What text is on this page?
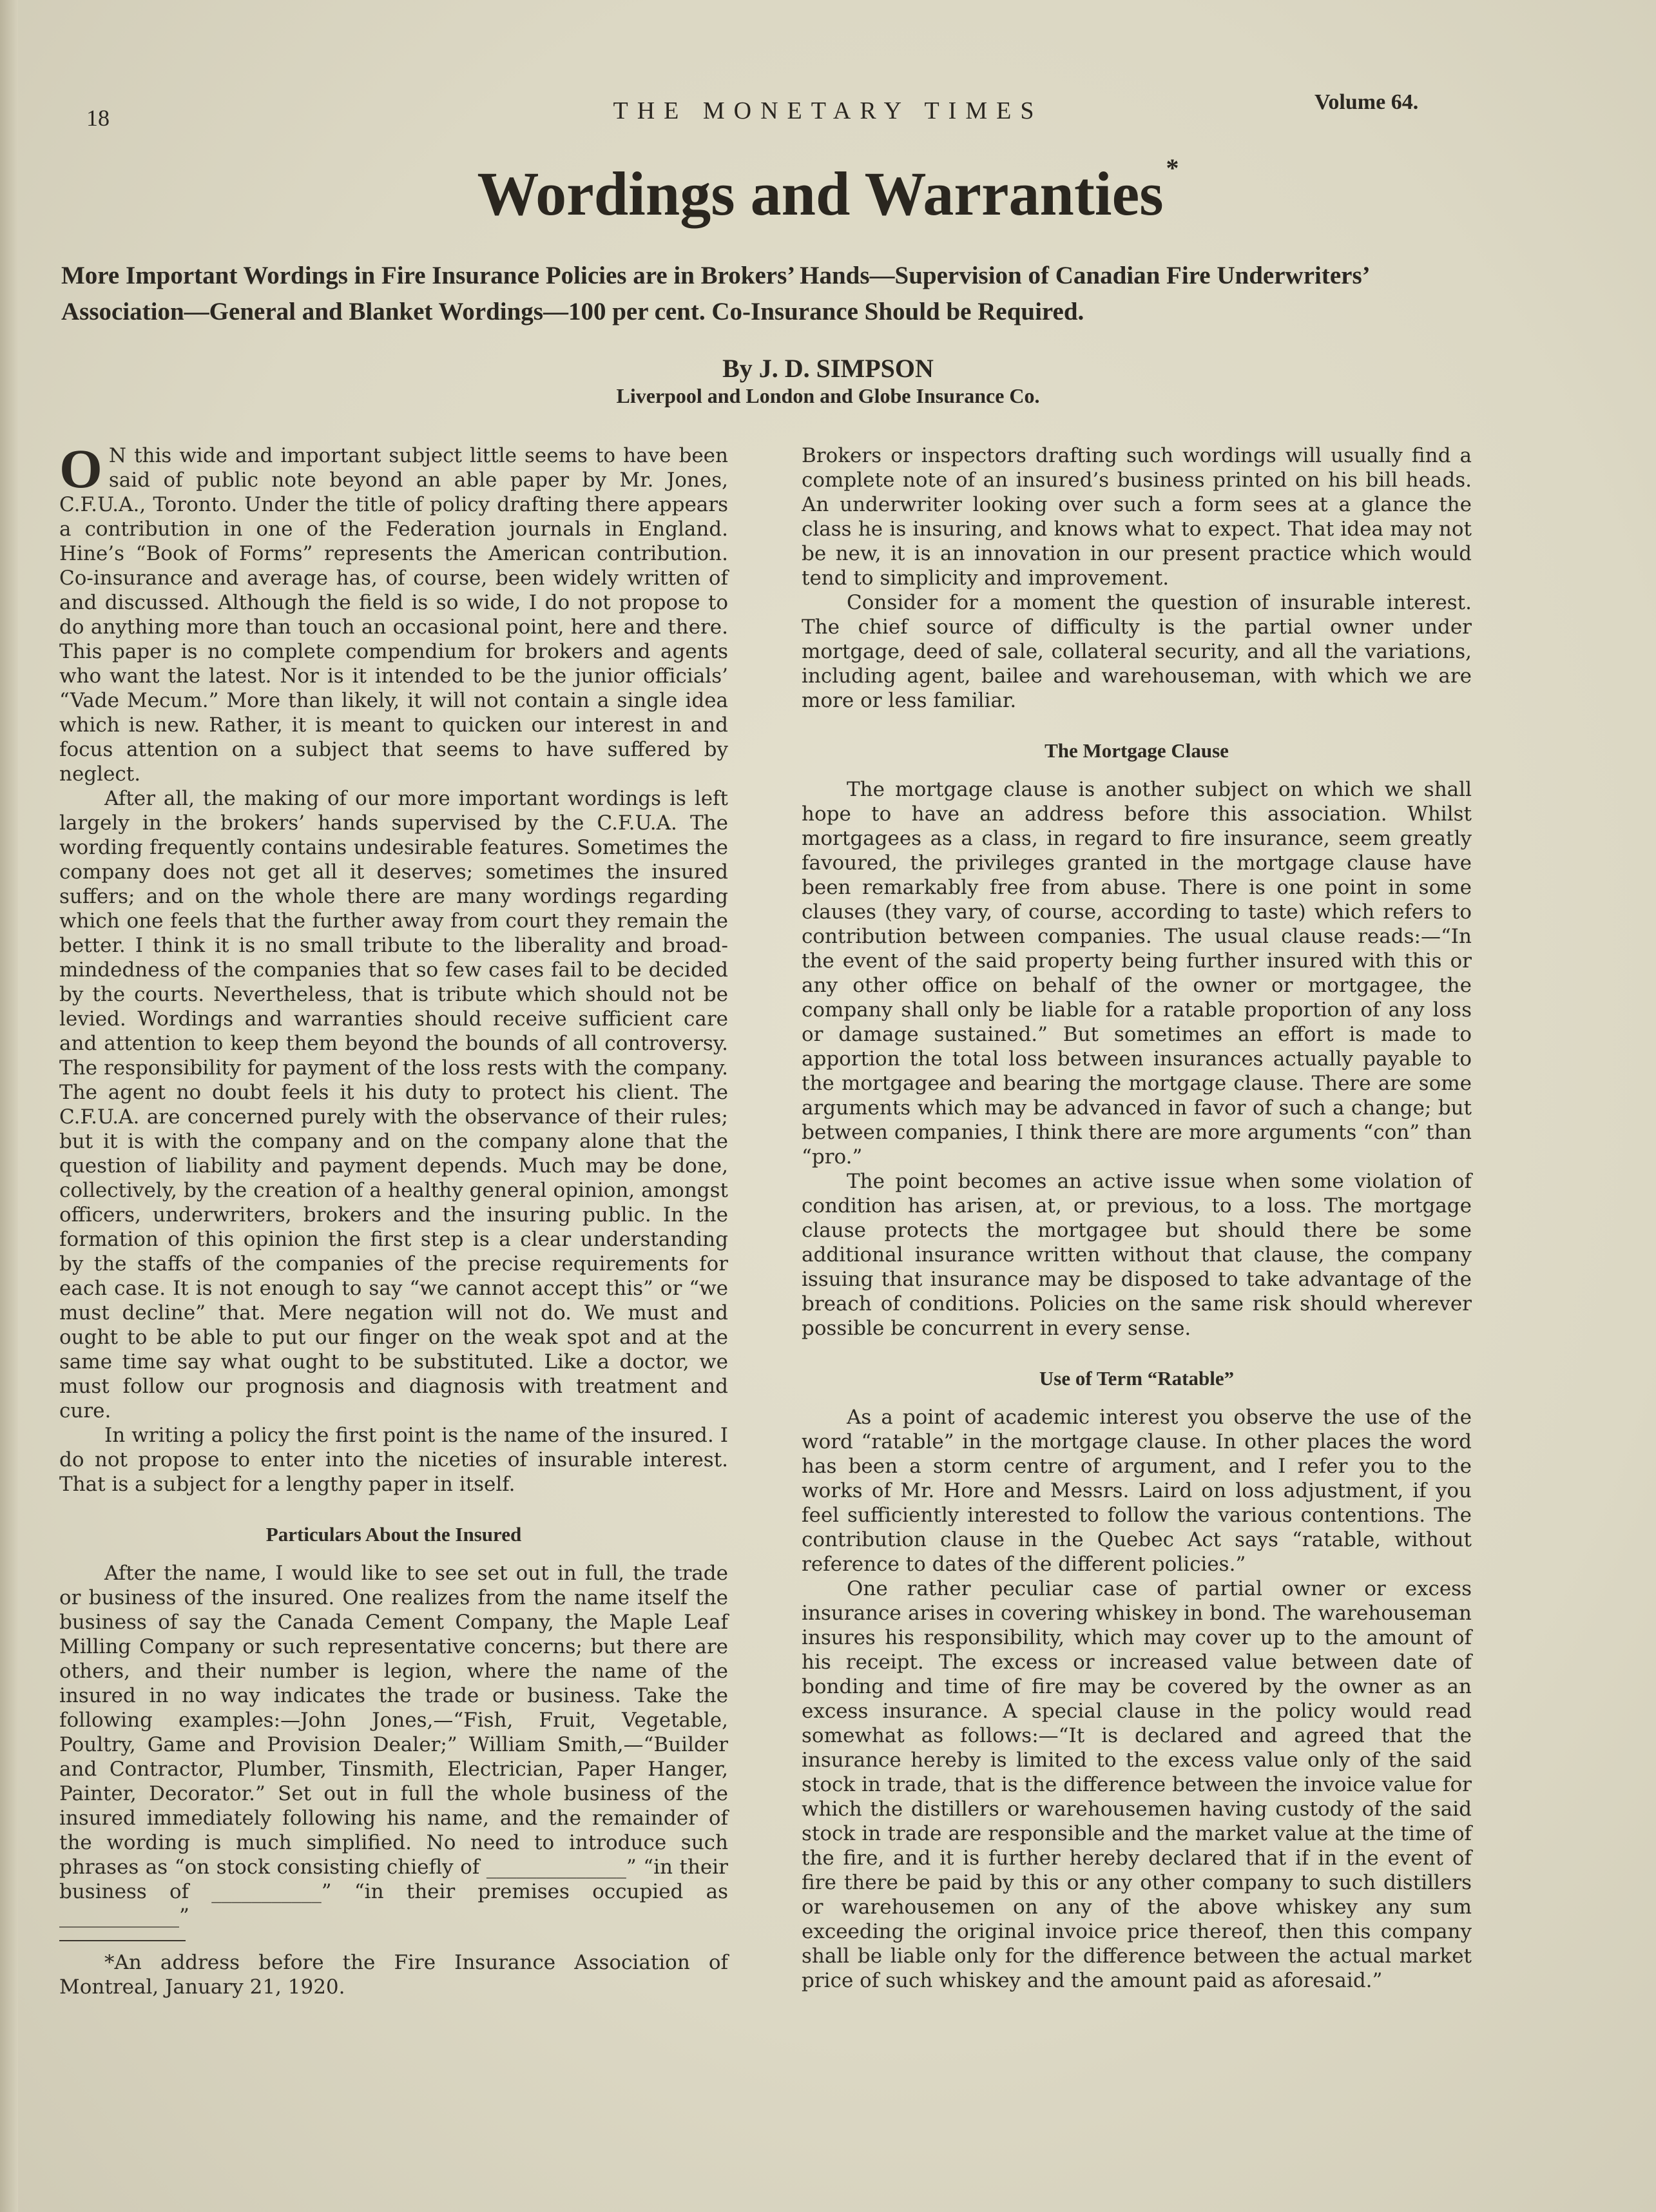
18	THE MONETARY TIMES	Volume 64.
Wordings and Warranties *
More Important Wordings in Fire Insurance Policies are in Brokers’ Hands—Supervision of Canadian Fire Underwriters’ Association—General and Blanket Wordings—100 per cent. Co-Insurance Should be Required.
By J. D. SIMPSON
Liverpool and London and Globe Insurance Co.

O N this wide and important subject little seems to have been said of public note beyond an able paper by Mr. Jones, C.F.U.A., Toronto. Under the title of policy drafting there appears a contribution in one of the Federation journals in England. Hine’s “Book of Forms” represents the American contribution. Co-insurance and average has, of course, been widely written of and discussed. Although the field is so wide, I do not propose to do anything more than touch an occasional point, here and there. This paper is no complete compendium for brokers and agents who want the latest. Nor is it intended to be the junior officials’ “Vade Mecum.” More than likely, it will not contain a single idea which is new. Rather, it is meant to quicken our interest in and focus attention on a subject that seems to have suffered by neglect.

After all, the making of our more important wordings is left largely in the brokers’ hands supervised by the C.F.U.A. The wording frequently contains undesirable features. Sometimes the company does not get all it deserves; sometimes the insured suffers; and on the whole there are many wordings regarding which one feels that the further away from court they remain the better. I think it is no small tribute to the liberality and broad-mindedness of the companies that so few cases fail to be decided by the courts. Nevertheless, that is tribute which should not be levied. Wordings and warranties should receive sufficient care and attention to keep them beyond the bounds of all controversy. The responsibility for payment of the loss rests with the company. The agent no doubt feels it his duty to protect his client. The C.F.U.A. are concerned purely with the observance of their rules; but it is with the company and on the company alone that the question of liability and payment depends. Much may be done, collectively, by the creation of a healthy general opinion, amongst officers, underwriters, brokers and the insuring public. In the formation of this opinion the first step is a clear understanding by the staffs of the companies of the precise requirements for each case. It is not enough to say “we cannot accept this” or “we must decline” that. Mere negation will not do. We must and ought to be able to put our finger on the weak spot and at the same time say what ought to be substituted. Like a doctor, we must follow our prognosis and diagnosis with treatment and cure.

In writing a policy the first point is the name of the insured. I do not propose to enter into the niceties of insurable interest. That is a subject for a lengthy paper in itself.

Particulars About the Insured

After the name, I would like to see set out in full, the trade or business of the insured. One realizes from the name itself the business of say the Canada Cement Company, the Maple Leaf Milling Company or such representative concerns; but there are others, and their number is legion, where the name of the insured in no way indicates the trade or business. Take the following examples:—John Jones,—“Fish, Fruit, Vegetable, Poultry, Game and Provision Dealer;” William Smith,—“Builder and Contractor, Plumber, Tinsmith, Electrician, Paper Hanger, Painter, Decorator.” Set out in full the whole business of the insured immediately following his name, and the remainder of the wording is much simplified. No need to introduce such phrases as “on stock consisting chiefly of ______________” “in their business of ___________” “in their premises occupied as ____________”

*An address before the Fire Insurance Association of Montreal, January 21, 1920.

Brokers or inspectors drafting such wordings will usually find a complete note of an insured’s business printed on his bill heads. An underwriter looking over such a form sees at a glance the class he is insuring, and knows what to expect. That idea may not be new, it is an innovation in our present practice which would tend to simplicity and improvement.

Consider for a moment the question of insurable interest. The chief source of difficulty is the partial owner under mortgage, deed of sale, collateral security, and all the variations, including agent, bailee and warehouseman, with which we are more or less familiar.

The Mortgage Clause

The mortgage clause is another subject on which we shall hope to have an address before this association. Whilst mortgagees as a class, in regard to fire insurance, seem greatly favoured, the privileges granted in the mortgage clause have been remarkably free from abuse. There is one point in some clauses (they vary, of course, according to taste) which refers to contribution between companies. The usual clause reads:—“In the event of the said property being further insured with this or any other office on behalf of the owner or mortgagee, the company shall only be liable for a ratable proportion of any loss or damage sustained.” But sometimes an effort is made to apportion the total loss between insurances actually payable to the mortgagee and bearing the mortgage clause. There are some arguments which may be advanced in favor of such a change; but between companies, I think there are more arguments “con” than “pro.”

The point becomes an active issue when some violation of condition has arisen, at, or previous, to a loss. The mortgage clause protects the mortgagee but should there be some additional insurance written without that clause, the company issuing that insurance may be disposed to take advantage of the breach of conditions. Policies on the same risk should wherever possible be concurrent in every sense.

Use of Term “Ratable”

As a point of academic interest you observe the use of the word “ratable” in the mortgage clause. In other places the word has been a storm centre of argument, and I refer you to the works of Mr. Hore and Messrs. Laird on loss adjustment, if you feel sufficiently interested to follow the various contentions. The contribution clause in the Quebec Act says “ratable, without reference to dates of the different policies.”

One rather peculiar case of partial owner or excess insurance arises in covering whiskey in bond. The warehouseman insures his responsibility, which may cover up to the amount of his receipt. The excess or increased value between date of bonding and time of fire may be covered by the owner as an excess insurance. A special clause in the policy would read somewhat as follows:—“It is declared and agreed that the insurance hereby is limited to the excess value only of the said stock in trade, that is the difference between the invoice value for which the distillers or warehousemen having custody of the said stock in trade are responsible and the market value at the time of the fire, and it is further hereby declared that if in the event of fire there be paid by this or any other company to such distillers or warehousemen on any of the above whiskey any sum exceeding the original invoice price thereof, then this company shall be liable only for the difference between the actual market price of such whiskey and the amount paid as aforesaid.”
